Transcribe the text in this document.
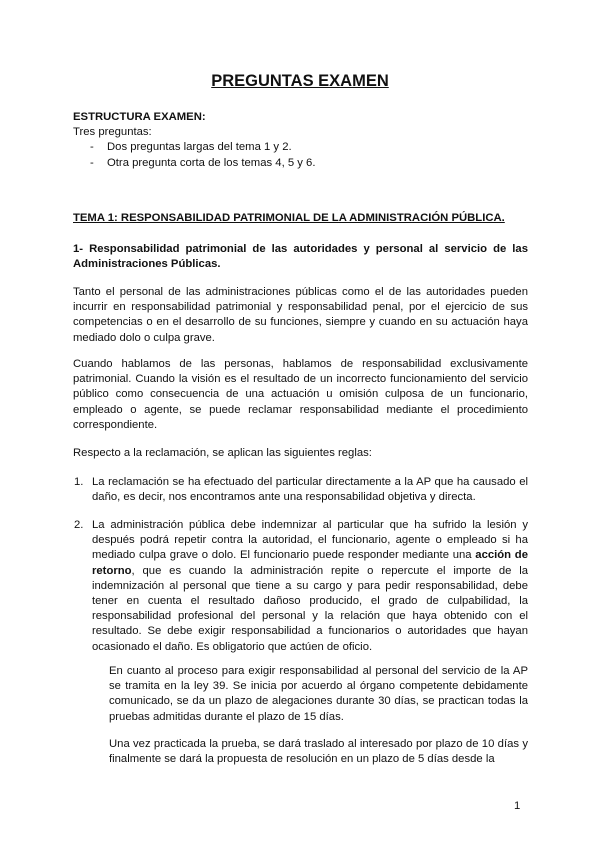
PREGUNTAS EXAMEN

ESTRUCTURA EXAMEN:

Tres preguntas:

- Dos preguntas largas del tema 1 y 2.
- Otra pregunta corta de los temas 4, 5 y 6.
TEMA 1: RESPONSABILIDAD PATRIMONIAL DE LA ADMINISTRACIÓN PÚBLICA.
1- Responsabilidad patrimonial de las autoridades y personal al servicio de las Administraciones Públicas.
Tanto el personal de las administraciones públicas como el de las autoridades pueden incurrir en responsabilidad patrimonial y responsabilidad penal, por el ejercicio de sus competencias o en el desarrollo de su funciones, siempre y cuando en su actuación haya mediado dolo o culpa grave.
Cuando hablamos de las personas, hablamos de responsabilidad exclusivamente patrimonial. Cuando la visión es el resultado de un incorrecto funcionamiento del servicio público como consecuencia de una actuación u omisión culposa de un funcionario, empleado o agente, se puede reclamar responsabilidad mediante el procedimiento correspondiente.
Respecto a la reclamación, se aplican las siguientes reglas:
1. La reclamación se ha efectuado del particular directamente a la AP que ha causado el daño, es decir, nos encontramos ante una responsabilidad objetiva y directa.
2. La administración pública debe indemnizar al particular que ha sufrido la lesión y después podrá repetir contra la autoridad, el funcionario, agente o empleado si ha mediado culpa grave o dolo. El funcionario puede responder mediante una acción de retorno, que es cuando la administración repite o repercute el importe de la indemnización al personal que tiene a su cargo y para pedir responsabilidad, debe tener en cuenta el resultado dañoso producido, el grado de culpabilidad, la responsabilidad profesional del personal y la relación que haya obtenido con el resultado. Se debe exigir responsabilidad a funcionarios o autoridades que hayan ocasionado el daño. Es obligatorio que actúen de oficio.
En cuanto al proceso para exigir responsabilidad al personal del servicio de la AP se tramita en la ley 39. Se inicia por acuerdo al órgano competente debidamente comunicado, se da un plazo de alegaciones durante 30 días, se practican todas la pruebas admitidas durante el plazo de 15 días.
Una vez practicada la prueba, se dará traslado al interesado por plazo de 10 días y finalmente se dará la propuesta de resolución en un plazo de 5 días desde la
1
